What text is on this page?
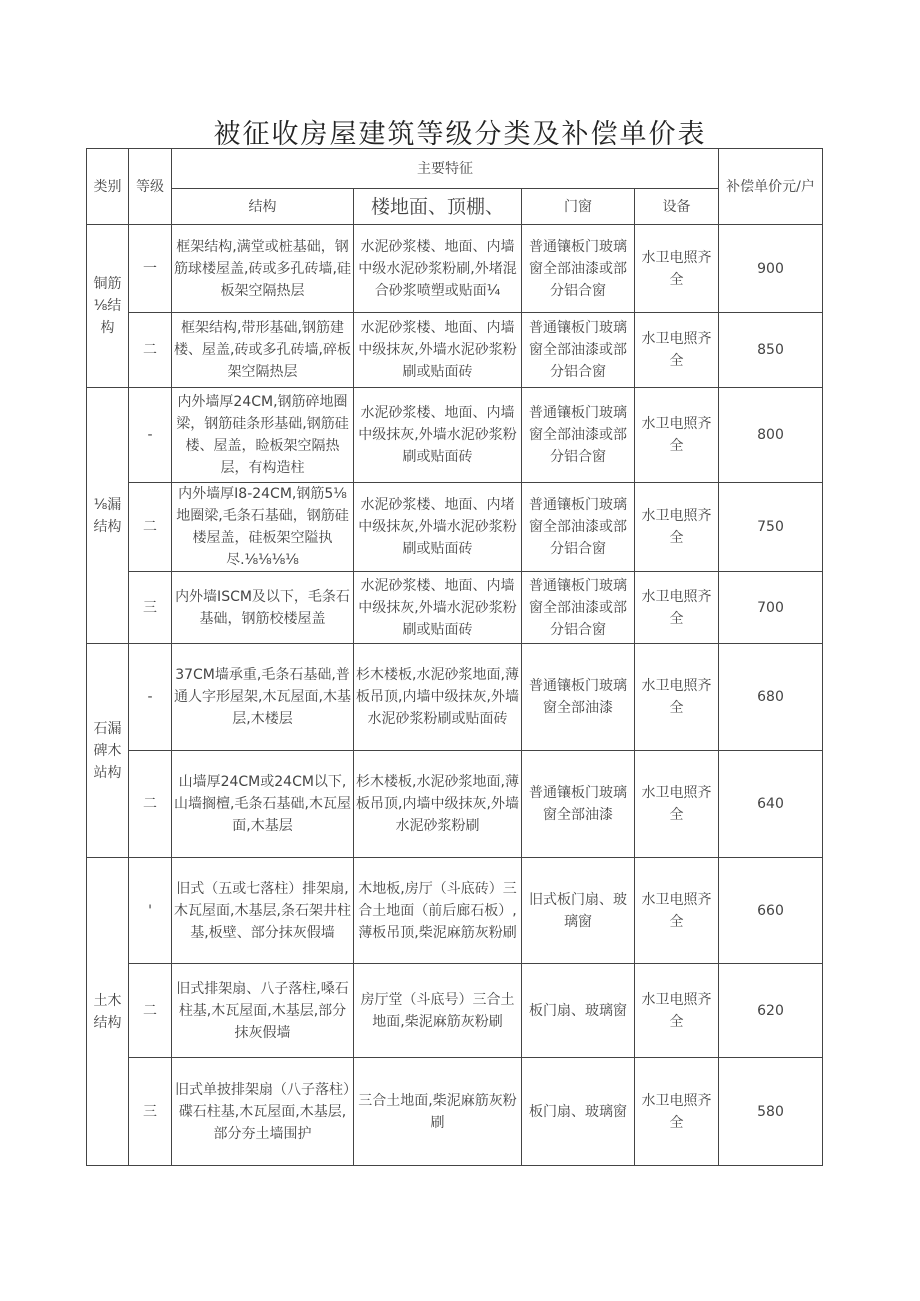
被征收房屋建筑等级分类及补偿单价表
类别	等级	主要特征				补偿单价元/户
		结构	楼地面、顶棚、	门窗	设备	
铜筋⅛结构	一	框架结构,满堂或桩基础，钢筋球楼屋盖,砖或多孔砖墙,硅板架空隔热层	水泥砂浆楼、地面、内墙中级水泥砂浆粉刷,外堵混合砂浆喷塑或贴面¼	普通镶板门玻璃窗全部油漆或部分铝合窗	水卫电照齐全	900
	二	框架结构,带形基础,钢筋建楼、屋盖,砖或多孔砖墙,碎板架空隔热层	水泥砂浆楼、地面、内墙中级抹灰,外墙水泥砂浆粉刷或贴面砖	普通镶板门玻璃窗全部油漆或部分铝合窗	水卫电照齐全	850
⅛漏结构	-	内外墙厚24CM,钢筋碎地圈梁，钢筋硅条形基础,钢筋硅楼、屋盖，睑板架空隔热层，有构造柱	水泥砂浆楼、地面、内墙中级抹灰,外墙水泥砂浆粉刷或贴面砖	普通镶板门玻璃窗全部油漆或部分铝合窗	水卫电照齐全	800
	二	内外墙厚I8-24CM,钢筋5⅛地圈梁,毛条石基础，钢筋硅楼屋盖，硅板架空隘执尽.⅛⅛⅛⅛	水泥砂浆楼、地面、内堵中级抹灰,外墙水泥砂浆粉刷或贴面砖	普通镶板门玻璃窗全部油漆或部分铝合窗	水卫电照齐全	750
	三	内外墙ISCM及以下，毛条石基础，钢筋校楼屋盖	水泥砂浆楼、地面、内墙中级抹灰,外墙水泥砂浆粉刷或贴面砖	普通镶板门玻璃窗全部油漆或部分铝合窗	水卫电照齐全	700
石漏碑木站构	-	37CM墙承重,毛条石基础,普通人字形屋架,木瓦屋面,木基层,木楼层	杉木楼板,水泥砂浆地面,薄板吊顶,内墙中级抹灰,外墙水泥砂浆粉刷或贴面砖	普通镶板门玻璃窗全部油漆	水卫电照齐全	680
	二	山墙厚24CM或24CM以下,山墙搁檀,毛条石基础,木瓦屋面,木基层	杉木楼板,水泥砂浆地面,薄板吊顶,内墙中级抹灰,外墙水泥砂浆粉刷	普通镶板门玻璃窗全部油漆	水卫电照齐全	640
土木结构	'	旧式（五或七落柱）排架扇,木瓦屋面,木基层,条石架井柱基,板壁、部分抹灰假墙	木地板,房厅（斗底砖）三合土地面（前后廊石板）,薄板吊顶,柴泥麻筋灰粉刷	旧式板门扇、玻璃窗	水卫电照齐全	660
	二	旧式排架扇、八子落柱,嗓石柱基,木瓦屋面,木基层,部分抹灰假墙	房厅堂（斗底号）三合土地面,柴泥麻筋灰粉刷	板门扇、玻璃窗	水卫电照齐全	620
	三	旧式单披排架扇（八子落柱）碟石柱基,木瓦屋面,木基层,部分夯土墙围护	三合土地面,柴泥麻筋灰粉刷	板门扇、玻璃窗	水卫电照齐全	580
